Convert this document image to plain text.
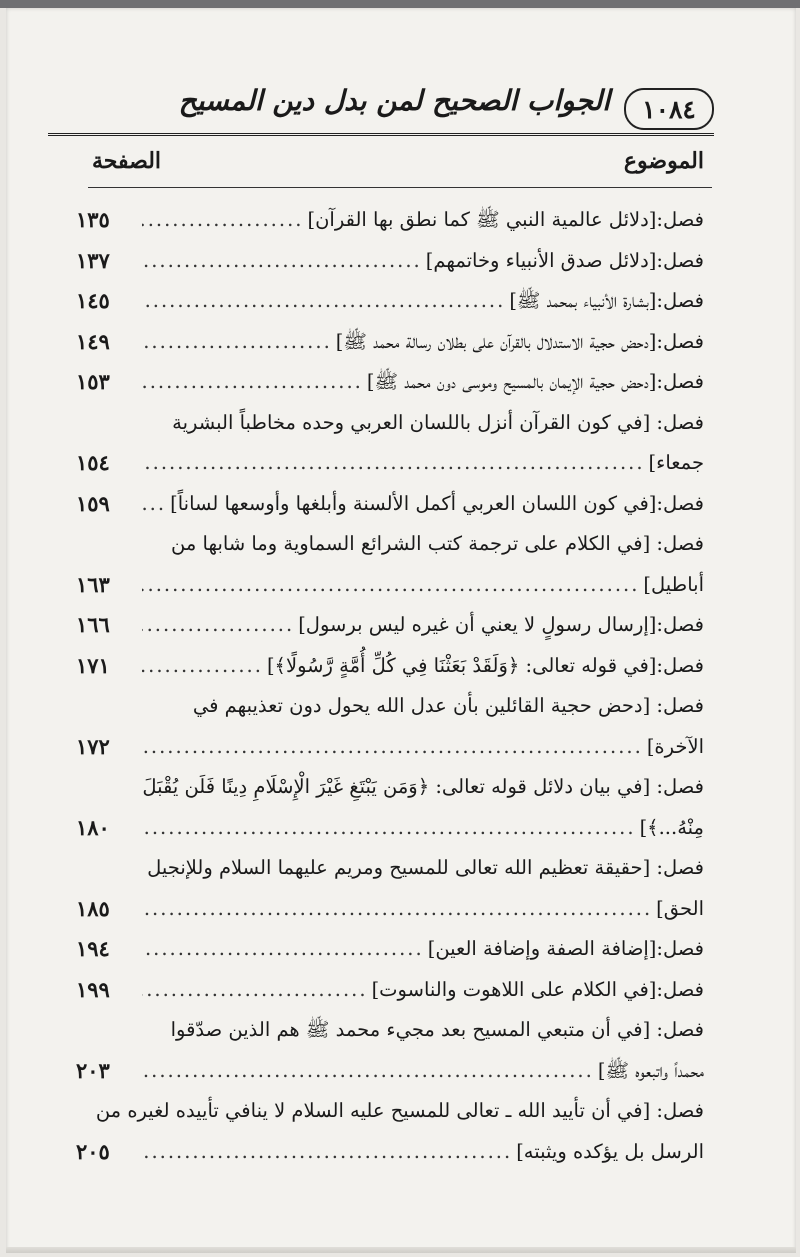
١٠٨٤
الجواب الصحيح لمن بدل دين المسيح
الموضوع
الصفحة
فصل:
[دلائل عالمية النبي ﷺ كما نطق بها القرآن]
.....
١٣٥
فصل:
[دلائل صدق الأنبياء وخاتمهم]
.....
١٣٧
فصل:
[بشارة الأنبياء بمحمد ﷺ]
.....
١٤٥
فصل:
[دحض حجية الاستدلال بالقرآن على بطلان رسالة محمد ﷺ]
.....
١٤٩
فصل:
[دحض حجية الإيمان بالمسيح وموسى دون محمد ﷺ]
.....
١٥٣
فصل: [في كون القرآن أنزل باللسان العربي وحده مخاطباً البشرية
جمعاء]
.....
١٥٤
فصل:
[في كون اللسان العربي أكمل الألسنة وأبلغها وأوسعها لساناً]
.....
١٥٩
فصل: [في الكلام على ترجمة كتب الشرائع السماوية وما شابها من
أباطيل]
.....
١٦٣
فصل:
[إرسال رسولٍ لا يعني أن غيره ليس برسول]
.....
١٦٦
فصل:
[في قوله تعالى: ﴿وَلَقَدْ بَعَثْنَا فِي كُلِّ أُمَّةٍ رَّسُولًا﴾]
.....
١٧١
فصل: [دحض حجية القائلين بأن عدل الله يحول دون تعذيبهم في
الآخرة]
.....
١٧٢
فصل: [في بيان دلائل قوله تعالى: ﴿وَمَن يَبْتَغِ غَيْرَ الْإِسْلَامِ دِينًا فَلَن يُقْبَلَ
مِنْهُ...﴾]
.....
١٨٠
فصل: [حقيقة تعظيم الله تعالى للمسيح ومريم عليهما السلام وللإنجيل
الحق]
.....
١٨٥
فصل:
[إضافة الصفة وإضافة العين]
.....
١٩٤
فصل:
[في الكلام على اللاهوت والناسوت]
.....
١٩٩
فصل: [في أن متبعي المسيح بعد مجيء محمد ﷺ هم الذين صدّقوا
محمداً واتبعوه ﷺ]
.....
٢٠٣
فصل: [في أن تأييد الله ـ تعالى للمسيح عليه السلام لا ينافي تأييده لغيره من
الرسل بل يؤكده ويثبته]
.....
٢٠٥
